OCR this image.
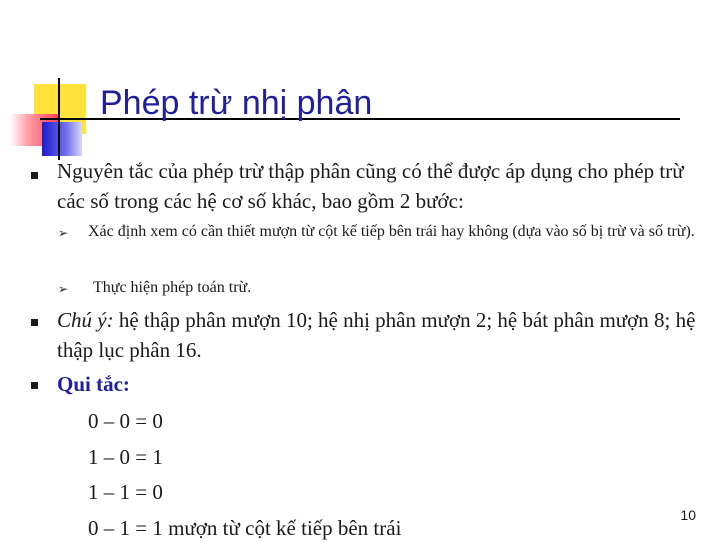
Phép trừ nhị phân

Nguyên tắc của phép trừ thập phân cũng có thể được áp dụng cho phép trừ các số trong các hệ cơ số khác, bao gồm 2 bước:

➢ Xác định xem có cần thiết mượn từ cột kế tiếp bên trái hay không (dựa vào số bị trừ và số trừ).

➢ Thực hiện phép toán trừ.

Chú ý: hệ thập phân mượn 10; hệ nhị phân mượn 2; hệ bát phân mượn 8; hệ thập lục phân 16.

Qui tắc:

0 – 0 = 0

1 – 0 = 1

1 – 1 = 0

0 – 1 = 1 mượn từ cột kế tiếp bên trái

10
